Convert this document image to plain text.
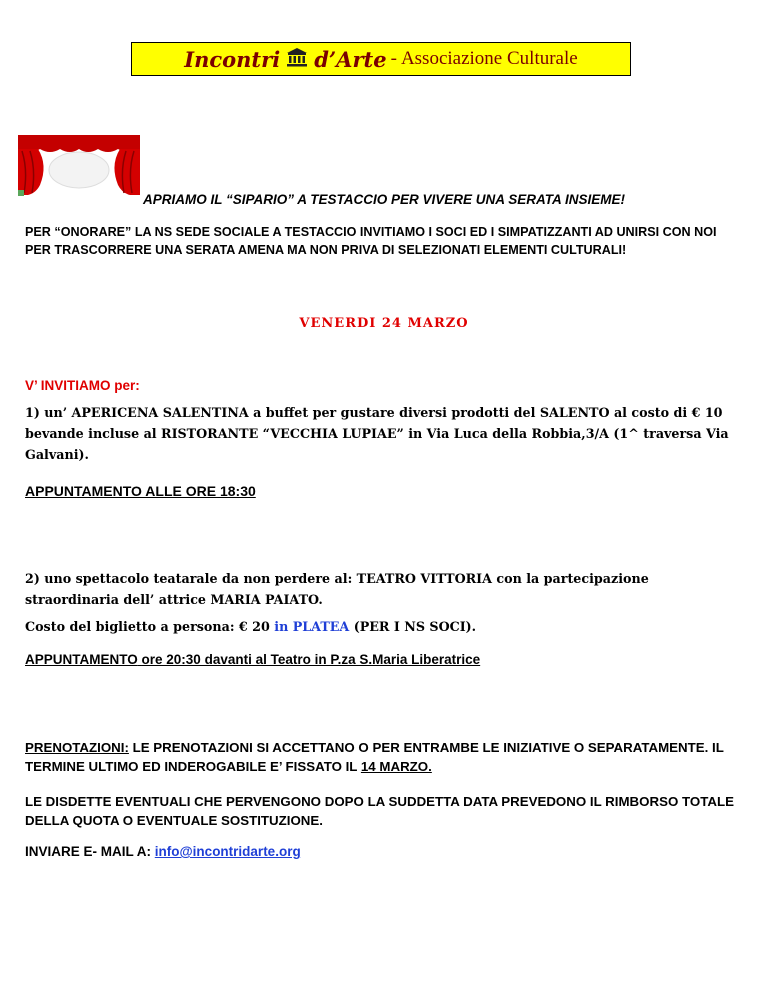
Incontri d’Arte - Associazione Culturale
APRIAMO IL “SIPARIO” A TESTACCIO PER VIVERE UNA SERATA INSIEME!
PER “ONORARE” LA NS SEDE SOCIALE A TESTACCIO INVITIAMO I SOCI ED I SIMPATIZZANTI AD UNIRSI CON NOI PER TRASCORRERE UNA SERATA AMENA MA NON PRIVA DI SELEZIONATI ELEMENTI CULTURALI!
VENERDI 24 MARZO
V’ INVITIAMO per:
1) un’ APERICENA SALENTINA a buffet per gustare diversi prodotti del SALENTO al costo di € 10 bevande incluse al RISTORANTE “VECCHIA LUPIAE” in Via Luca della Robbia,3/A (1^ traversa Via Galvani).
APPUNTAMENTO ALLE ORE 18:30
2) uno spettacolo teatarale da non perdere al: TEATRO VITTORIA con la partecipazione straordinaria dell’ attrice MARIA PAIATO.
Costo del biglietto a persona: € 20 in PLATEA (PER I NS SOCI).
APPUNTAMENTO ore 20:30 davanti al Teatro in P.za S.Maria Liberatrice
PRENOTAZIONI: LE PRENOTAZIONI SI ACCETTANO O PER ENTRAMBE LE INIZIATIVE O SEPARATAMENTE. IL TERMINE ULTIMO ED INDEROGABILE E’ FISSATO IL 14 MARZO.
LE DISDETTE EVENTUALI CHE PERVENGONO DOPO LA SUDDETTA DATA PREVEDONO IL RIMBORSO TOTALE DELLA QUOTA O EVENTUALE SOSTITUZIONE.
INVIARE E- MAIL A: info@incontridarte.org
